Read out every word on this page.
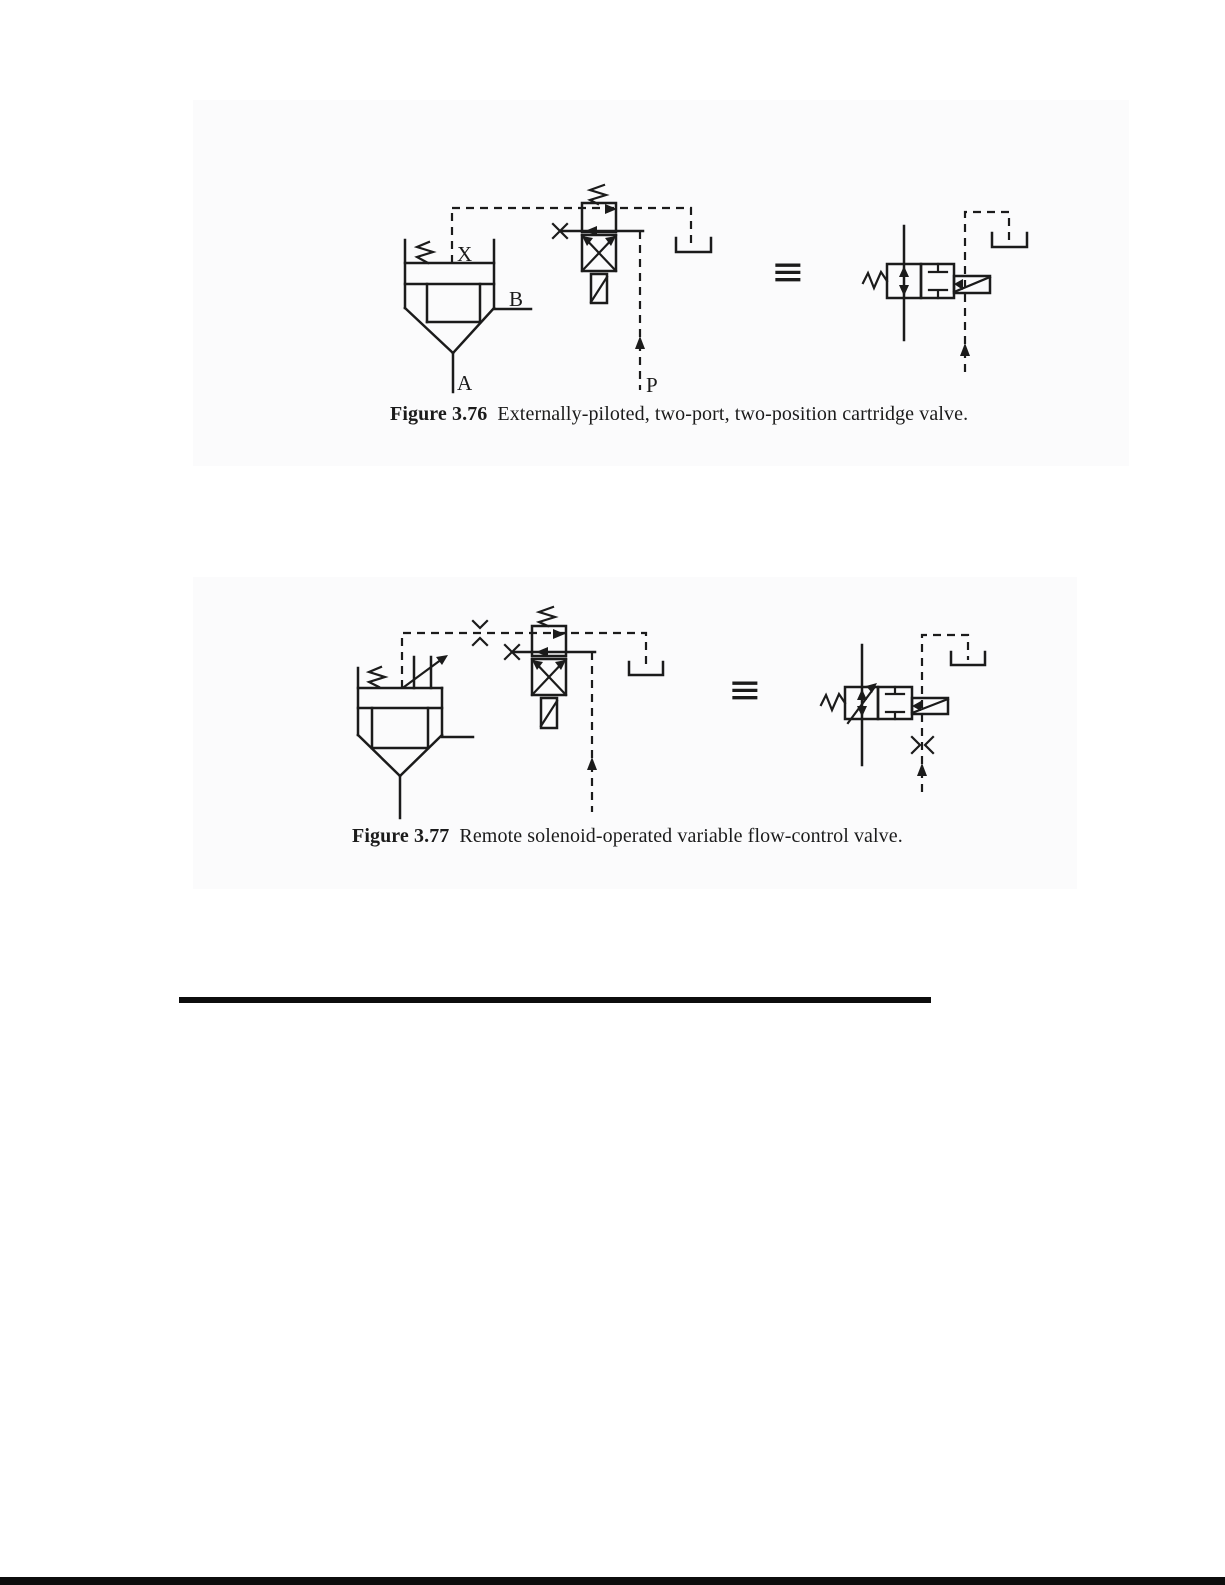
X
B
A	P
≡
Figure 3.76 Externally-piloted, two-port, two-position cartridge valve.
≡
Figure 3.77 Remote solenoid-operated variable flow-control valve.
